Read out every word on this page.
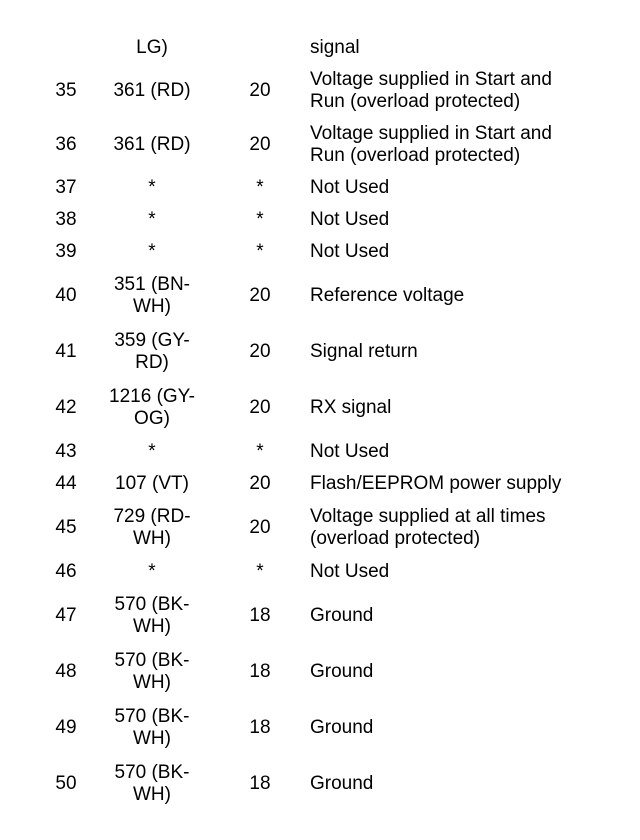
	LG)		signal
35	361 (RD)	20	Voltage supplied in Start and Run (overload protected)
36	361 (RD)	20	Voltage supplied in Start and Run (overload protected)
37	*	*	Not Used
38	*	*	Not Used
39	*	*	Not Used
40	351 (BN-WH)	20	Reference voltage
41	359 (GY-RD)	20	Signal return
42	1216 (GY-OG)	20	RX signal
43	*	*	Not Used
44	107 (VT)	20	Flash/EEPROM power supply
45	729 (RD-WH)	20	Voltage supplied at all times (overload protected)
46	*	*	Not Used
47	570 (BK-WH)	18	Ground
48	570 (BK-WH)	18	Ground
49	570 (BK-WH)	18	Ground
50	570 (BK-WH)	18	Ground
